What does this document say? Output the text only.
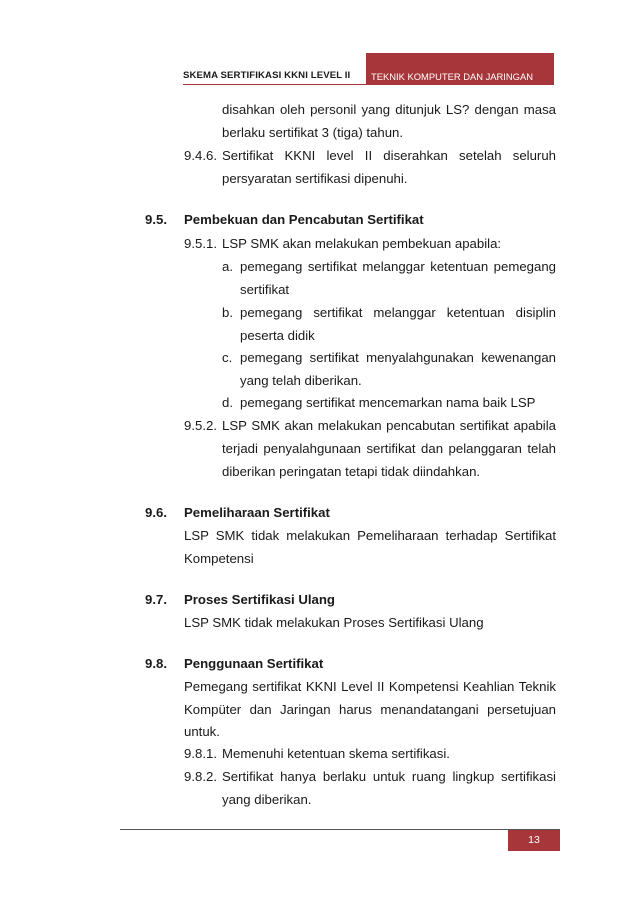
SKEMA SERTIFIKASI KKNI LEVEL II	TEKNIK KOMPUTER DAN JARINGAN
disahkan oleh personil yang ditunjuk LS? dengan masa
berlaku sertifikat 3 (tiga) tahun.
9.4.6. Sertifikat KKNI level II diserahkan setelah seluruh
persyaratan sertifikasi dipenuhi.
9.5. Pembekuan dan Pencabutan Sertifikat
9.5.1. LSP SMK akan melakukan pembekuan apabila:
a. pemegang sertifikat melanggar ketentuan pemegang
sertifikat
b. pemegang sertifikat melanggar ketentuan disiplin
peserta didik
c. pemegang sertifikat menyalahgunakan kewenangan
yang telah diberikan.
d. pemegang sertifikat mencemarkan nama baik LSP
9.5.2. LSP SMK akan melakukan pencabutan sertifikat apabila
terjadi penyalahgunaan sertifikat dan pelanggaran telah
diberikan peringatan tetapi tidak diindahkan.
9.6. Pemeliharaan Sertifikat
LSP SMK tidak melakukan Pemeliharaan terhadap Sertifikat
Kompetensi
9.7. Proses Sertifikasi Ulang
LSP SMK tidak melakukan Proses Sertifikasi Ulang
9.8. Penggunaan Sertifikat
Pemegang sertifikat KKNI Level II Kompetensi Keahlian Teknik
Kompüter dan Jaringan harus menandatangani persetujuan
untuk.
9.8.1. Memenuhi ketentuan skema sertifikasi.
9.8.2. Sertifikat hanya berlaku untuk ruang lingkup sertifikasi
yang diberikan.
13
